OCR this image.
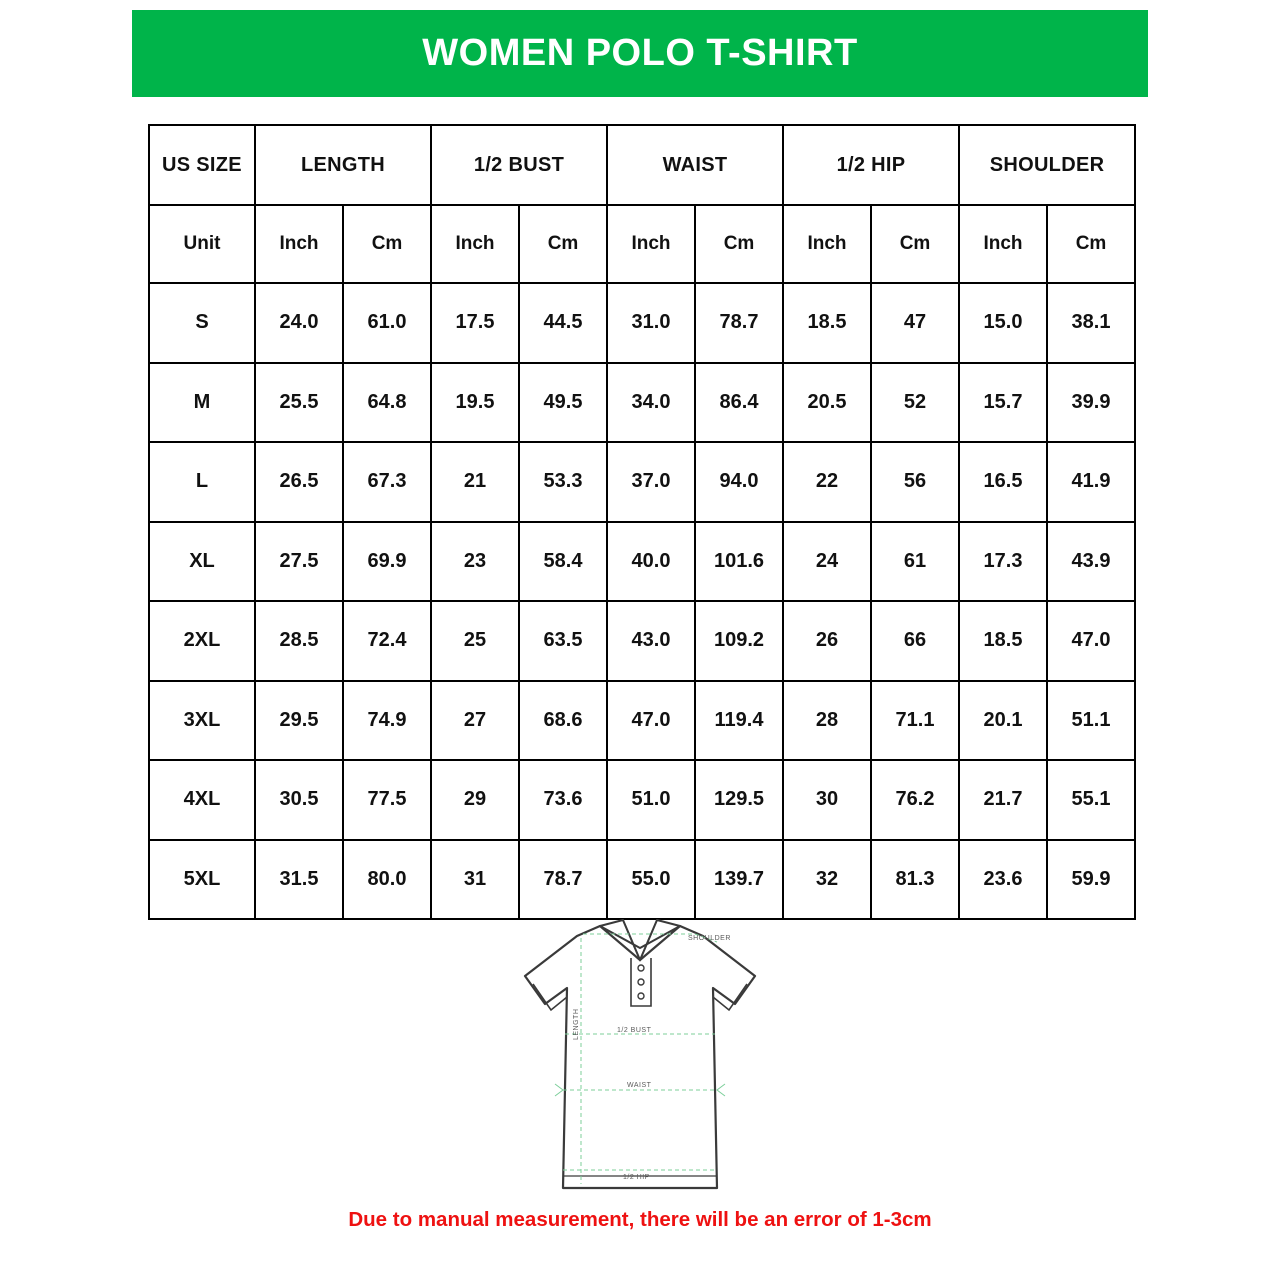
WOMEN POLO T-SHIRT
US SIZE	LENGTH		1/2 BUST		WAIST		1/2 HIP		SHOULDER	
Unit	Inch	Cm	Inch	Cm	Inch	Cm	Inch	Cm	Inch	Cm
S	24.0	61.0	17.5	44.5	31.0	78.7	18.5	47	15.0	38.1
M	25.5	64.8	19.5	49.5	34.0	86.4	20.5	52	15.7	39.9
L	26.5	67.3	21	53.3	37.0	94.0	22	56	16.5	41.9
XL	27.5	69.9	23	58.4	40.0	101.6	24	61	17.3	43.9
2XL	28.5	72.4	25	63.5	43.0	109.2	26	66	18.5	47.0
3XL	29.5	74.9	27	68.6	47.0	119.4	28	71.1	20.1	51.1
4XL	30.5	77.5	29	73.6	51.0	129.5	30	76.2	21.7	55.1
5XL	31.5	80.0	31	78.7	55.0	139.7	32	81.3	23.6	59.9
SHOULDER
LENGTH	1/2 BUST
WAIST
1/2 HIP
Due to manual measurement, there will be an error of 1-3cm
